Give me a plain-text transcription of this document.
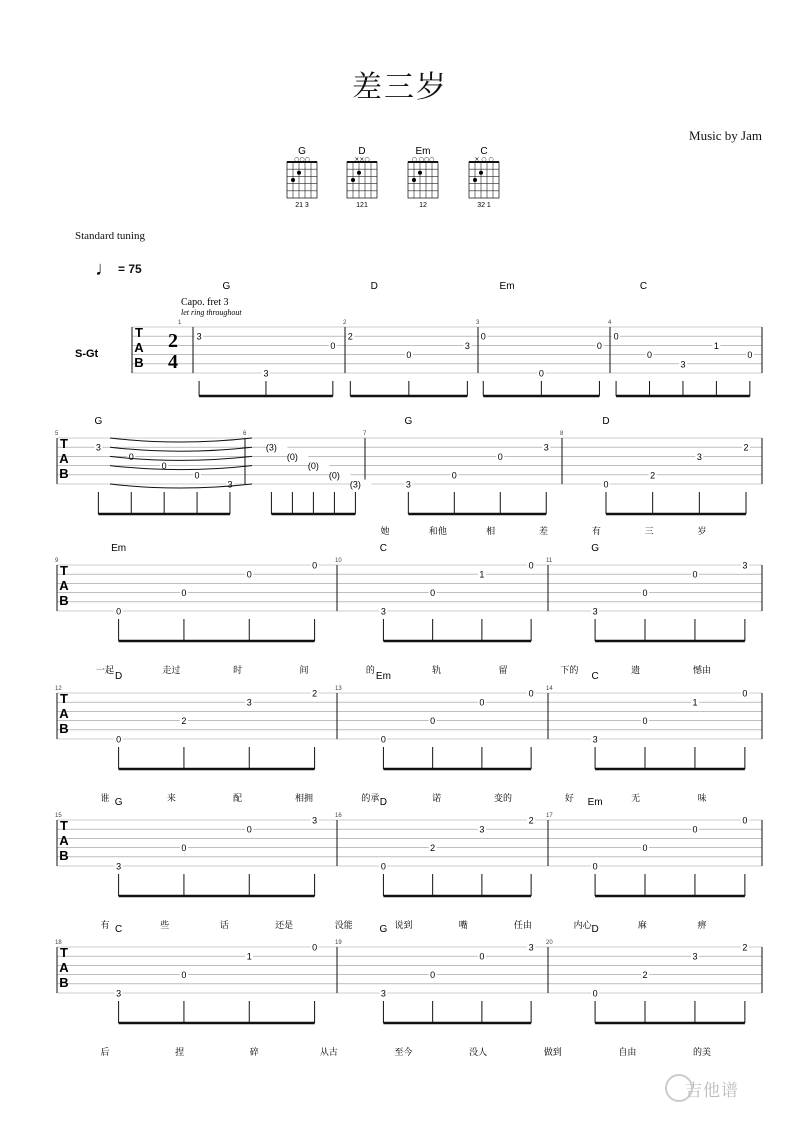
差三岁
Music by Jam
Standard tuning
♩ = 75
G
○○○
21 3
D
××○
121
Em
○ ○○○
12
C
× ○ ○
32 1
T
A
B
S-Gt
2
4
Capo. fret 3
let ring throughout
1
G
3
3
0
2
D
2
0
3
3
Em
0
0
0
4
C
0
0
3
1
0
T
A
B
5
G
3
0
0
0
3
6
(3)
(0)
(0)
(0)
(3)
7
G
3
0
0
3
8
D
0
2
3
2
她	和他	相	差	有	三	岁
T
A
B
9
Em
0
0
0
0	10
C
3
0
1
0 11
G
3
0
0
3
一起	走过	时	间	的	轨	留	下的	遗	憾由
T
A
B
12
D
0
2
3
2	13
Em
0
0
0
0 14
C
3
0
1
0
谁	来	配	相拥	的承	诺	变的	好	无	味
T
A
B
15
G
3
0
0
3	16
D
0
2
3
2 17
Em
0
0
0
0
有	些	话	还是	没能	说到	嘴	任由	内心	麻	痹
T
A
B
18
C
3
0
1
0	19
G
3
0
0
3 20
D
0
2
3
2
后	捏	碎	从古	至今	没人	做到	自由	的美
吉他谱
